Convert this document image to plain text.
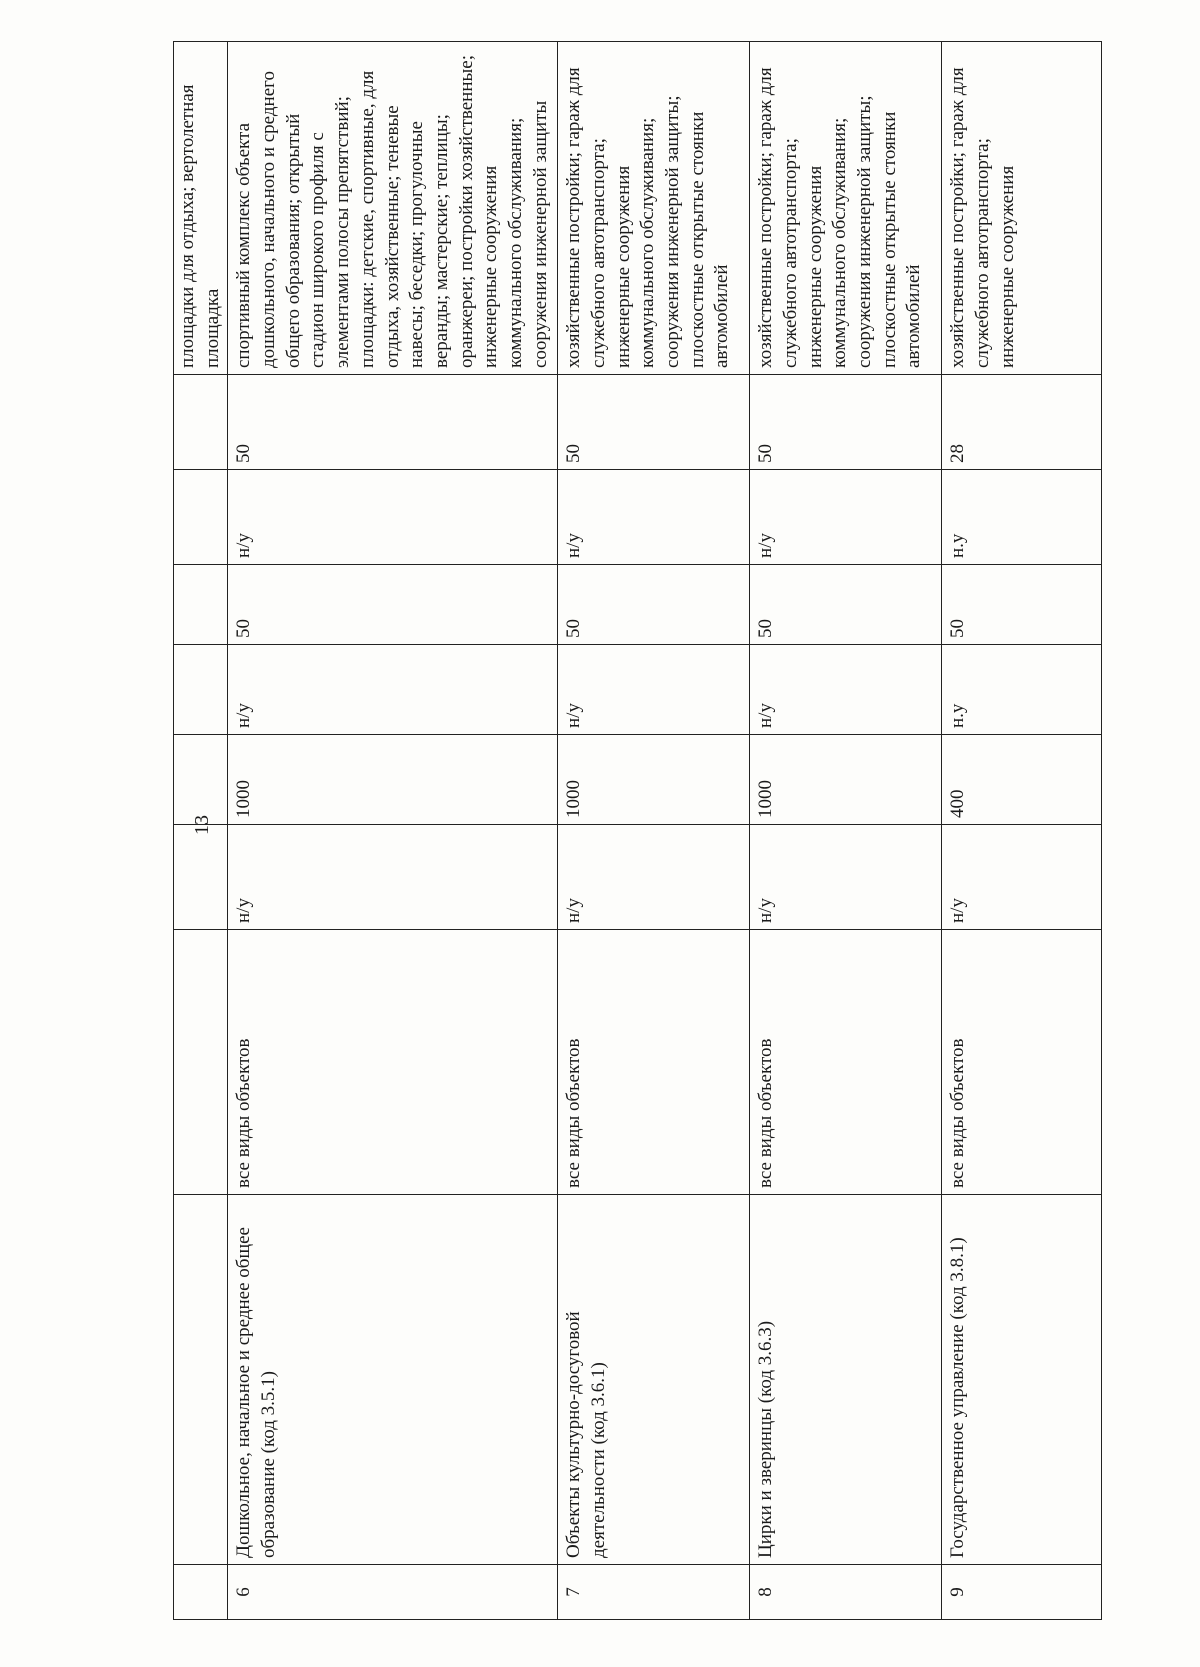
13
									площадки для отдыха; вертолетная площадка
6	Дошкольное, начальное и среднее общее образование (код 3.5.1)	все виды объектов	н/у	1000	н/у	50	н/у	50	спортивный комплекс объекта дошкольного, начального и среднего общего образования; открытый стадион широкого профиля с элементами полосы препятствий; площадки: детские, спортивные, для отдыха, хозяйственные; теневые навесы; беседки; прогулочные веранды; мастерские; теплицы; оранжереи; постройки хозяйственные; инженерные сооружения коммунального обслуживания; сооружения инженерной защиты
7	Объекты культурно-досуговой деятельности (код 3.6.1)	все виды объектов	н/у	1000	н/у	50	н/у	50	хозяйственные постройки; гараж для служебного автотранспорта; инженерные сооружения коммунального обслуживания; сооружения инженерной защиты; плоскостные открытые стоянки автомобилей
8	Цирки и зверинцы (код 3.6.3)	все виды объектов	н/у	1000	н/у	50	н/у	50	хозяйственные постройки; гараж для служебного автотранспорта; инженерные сооружения коммунального обслуживания; сооружения инженерной защиты; плоскостные открытые стоянки автомобилей
9	Государственное управление (код 3.8.1)	все виды объектов	н/у	400	н.у	50	н.у	28	хозяйственные постройки; гараж для служебного автотранспорта; инженерные сооружения
